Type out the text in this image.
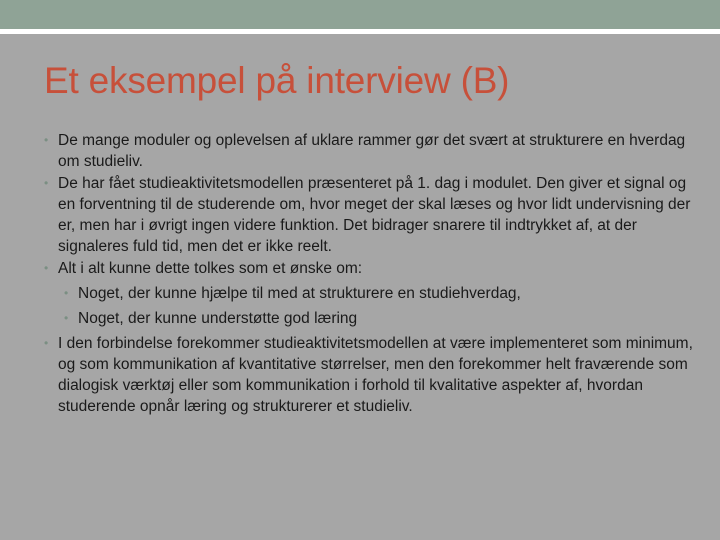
Et eksempel på interview (B)
• De mange moduler og oplevelsen af uklare rammer gør det svært at strukturere en hverdag om studieliv.
• De har fået studieaktivitetsmodellen præsenteret på 1. dag i modulet. Den giver et signal og en forventning til de studerende om, hvor meget der skal læses og hvor lidt undervisning der er, men har i øvrigt ingen videre funktion. Det bidrager snarere til indtrykket af, at der signaleres fuld tid, men det er ikke reelt.
• Alt i alt kunne dette tolkes som et ønske om:
• Noget, der kunne hjælpe til med at strukturere en studiehverdag,
• Noget, der kunne understøtte god læring
• I den forbindelse forekommer studieaktivitetsmodellen at være implementeret som minimum, og som kommunikation af kvantitative størrelser, men den forekommer helt fraværende som dialogisk værktøj eller som kommunikation i forhold til kvalitative aspekter af, hvordan studerende opnår læring og strukturerer et studieliv.
